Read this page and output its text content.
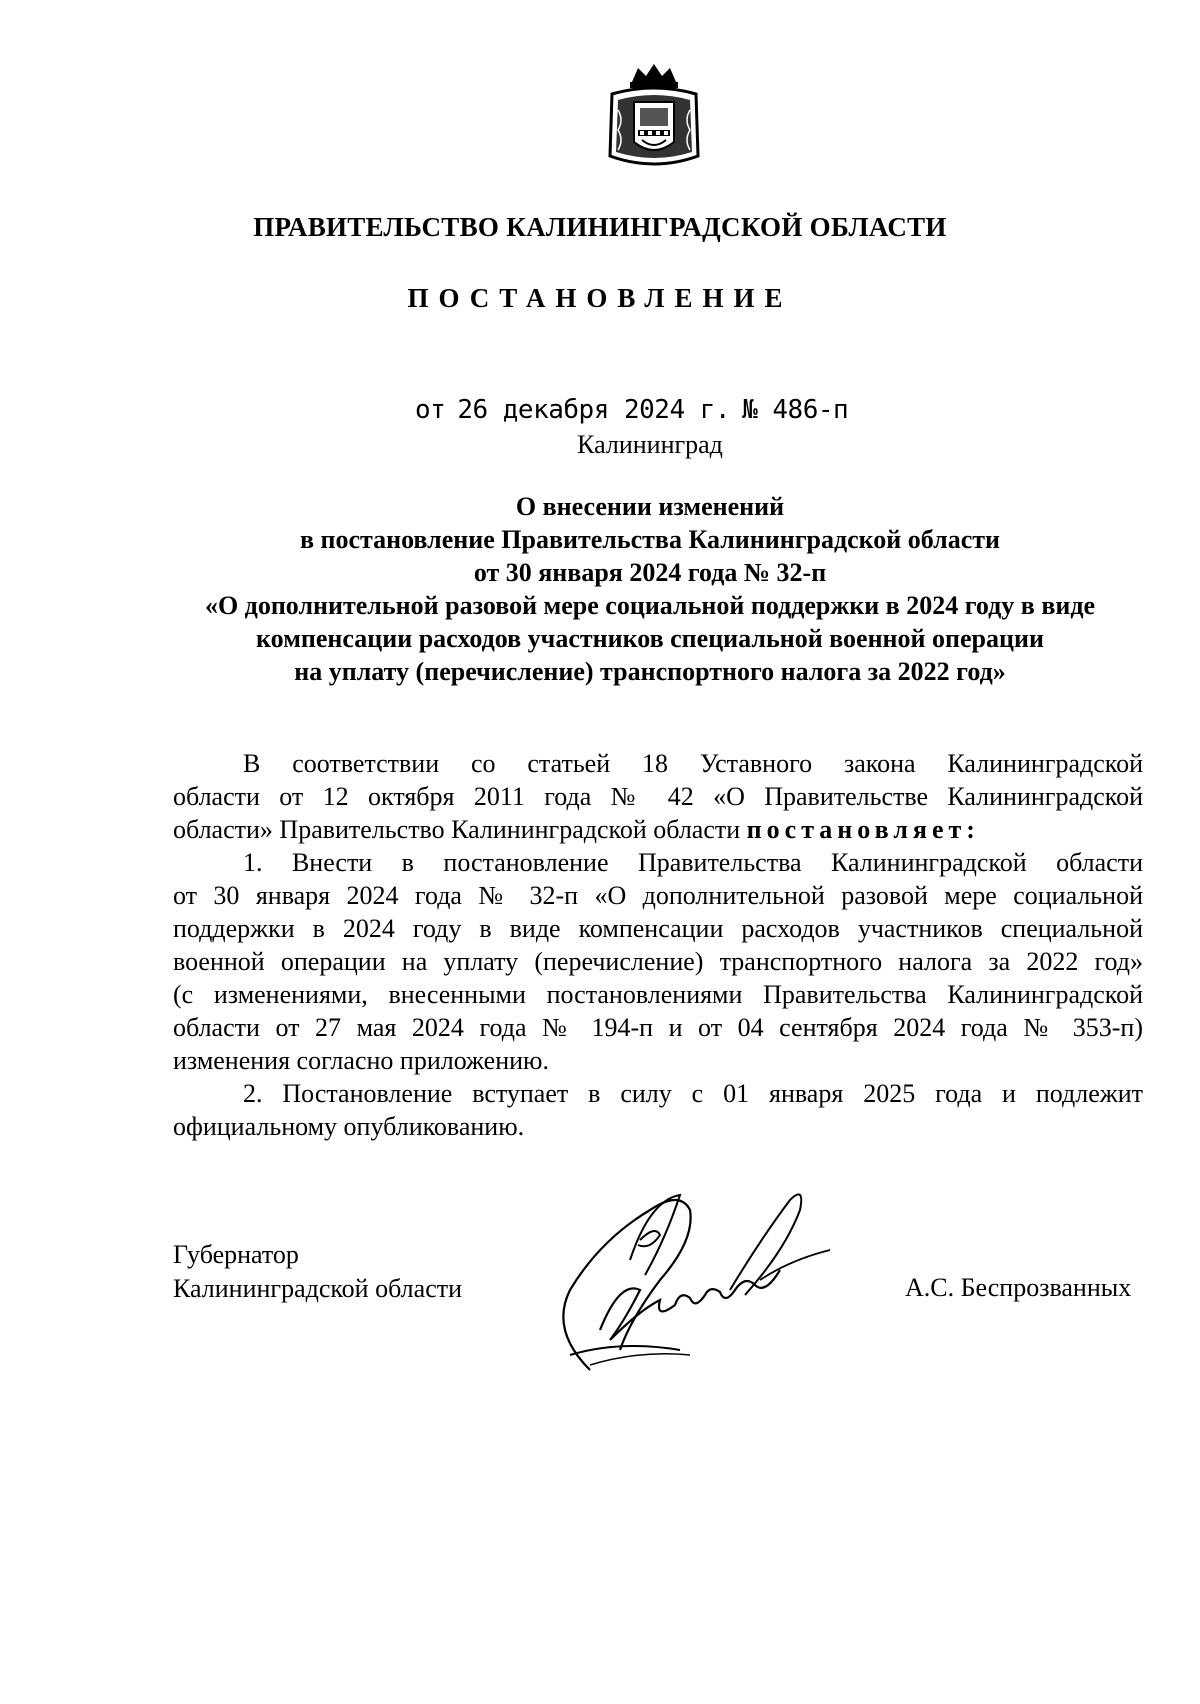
ПРАВИТЕЛЬСТВО КАЛИНИНГРАДСКОЙ ОБЛАСТИ
ПОСТАНОВЛЕНИЕ
от 26 декабря 2024 г. № 486-п
Калининград
О внесении изменений
в постановление Правительства Калининградской области
от 30 января 2024 года № 32-п
«О дополнительной разовой мере социальной поддержки в 2024 году в виде
компенсации расходов участников специальной военной операции
на уплату (перечисление) транспортного налога за 2022 год»
В соответствии со статьей 18 Уставного закона Калининградской
области от 12 октября 2011 года № 42 «О Правительстве Калининградской
области» Правительство Калининградской области постановляет:
1. Внести в постановление Правительства Калининградской области
от 30 января 2024 года № 32-п «О дополнительной разовой мере социальной
поддержки в 2024 году в виде компенсации расходов участников специальной
военной операции на уплату (перечисление) транспортного налога за 2022 год»
(с изменениями, внесенными постановлениями Правительства Калининградской
области от 27 мая 2024 года № 194-п и от 04 сентября 2024 года № 353-п)
изменения согласно приложению.
2. Постановление вступает в силу с 01 января 2025 года и подлежит
официальному опубликованию.
Губернатор
Калининградской области	А.С. Беспрозванных
